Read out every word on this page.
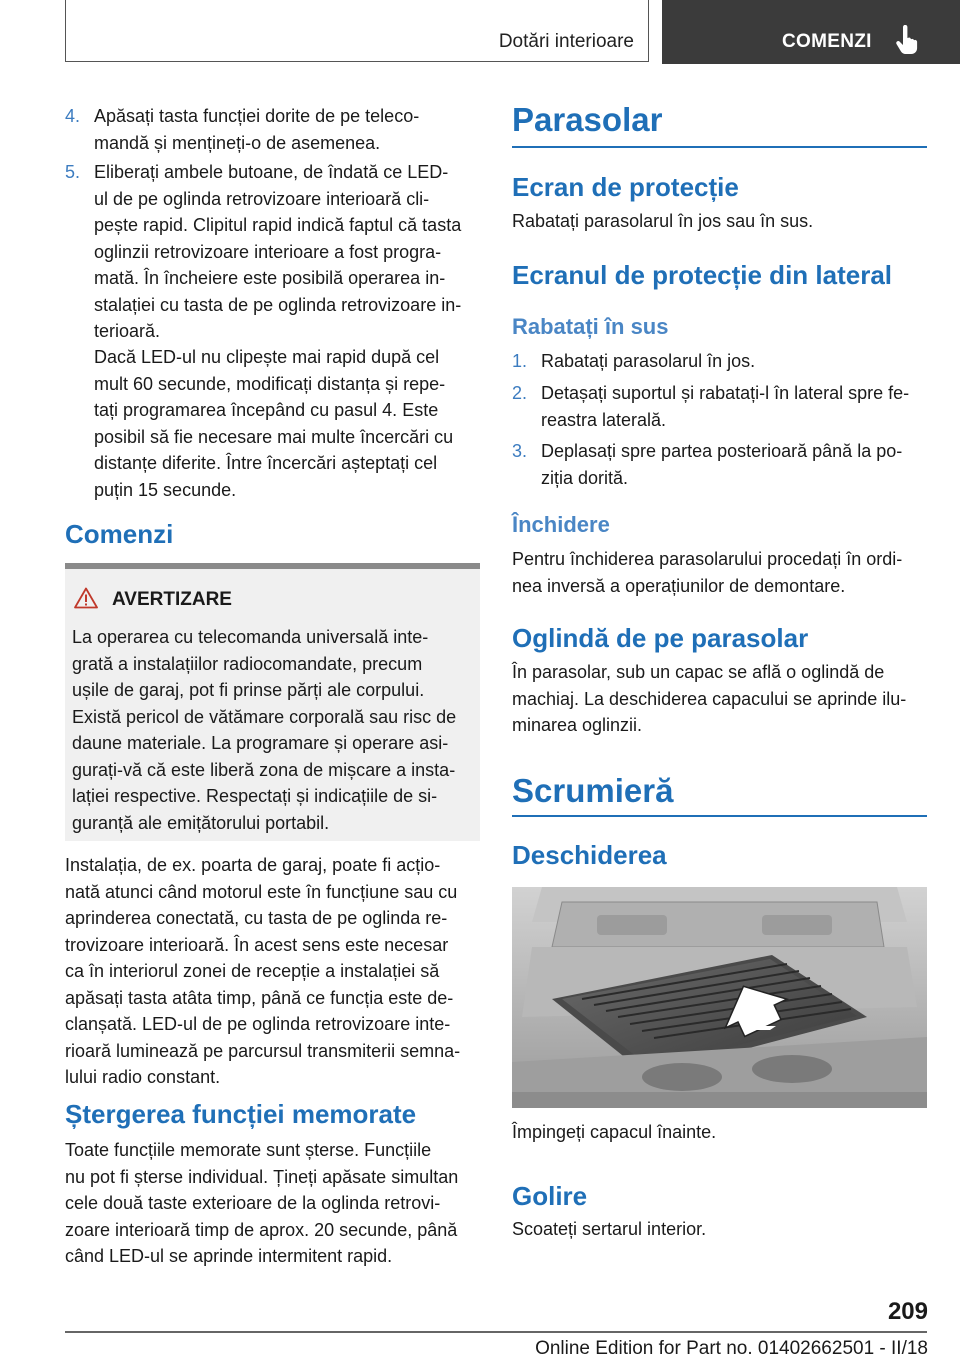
Dotări interioare	COMENZI
4. Apăsați tasta funcției dorite de pe teleco-
mandă și mențineți-o de asemenea.
5. Eliberați ambele butoane, de îndată ce LED-
ul de pe oglinda retrovizoare interioară cli-
pește rapid. Clipitul rapid indică faptul că tasta
oglinzii retrovizoare interioare a fost progra-
mată. În încheiere este posibilă operarea in-
stalației cu tasta de pe oglinda retrovizoare in-
terioară.
Dacă LED-ul nu clipește mai rapid după cel
mult 60 secunde, modificați distanța și repe-
tați programarea începând cu pasul 4. Este
posibil să fie necesare mai multe încercări cu
distanțe diferite. Între încercări așteptați cel
puțin 15 secunde.
Comenzi
AVERTIZARE
La operarea cu telecomanda universală inte-
grată a instalațiilor radiocomandate, precum
ușile de garaj, pot fi prinse părți ale corpului.
Există pericol de vătămare corporală sau risc de
daune materiale. La programare și operare asi-
gurați-vă că este liberă zona de mișcare a insta-
lației respective. Respectați și indicațiile de si-
guranță ale emițătorului portabil.
Instalația, de ex. poarta de garaj, poate fi acțio-
nată atunci când motorul este în funcțiune sau cu
aprinderea conectată, cu tasta de pe oglinda re-
trovizoare interioară. În acest sens este necesar
ca în interiorul zonei de recepție a instalației să
apăsați tasta atâta timp, până ce funcția este de-
clanșată. LED-ul de pe oglinda retrovizoare inte-
rioară luminează pe parcursul transmiterii semna-
lului radio constant.
Ștergerea funcției memorate
Toate funcțiile memorate sunt șterse. Funcțiile
nu pot fi șterse individual. Țineți apăsate simultan
cele două taste exterioare de la oglinda retrovi-
zoare interioară timp de aprox. 20 secunde, până
când LED-ul se aprinde intermitent rapid.
Parasolar
Ecran de protecție
Rabatați parasolarul în jos sau în sus.
Ecranul de protecție din lateral
Rabatați în sus
1. Rabatați parasolarul în jos.
2. Detașați suportul și rabatați-l în lateral spre fe-
reastra laterală.
3. Deplasați spre partea posterioară până la po-
ziția dorită.
Închidere
Pentru închiderea parasolarului procedați în ordi-
nea inversă a operațiunilor de demontare.
Oglindă de pe parasolar
În parasolar, sub un capac se află o oglindă de
machiaj. La deschiderea capacului se aprinde ilu-
minarea oglinzii.
Scrumieră
Deschiderea
Împingeți capacul înainte.
Golire
Scoateți sertarul interior.
209
Online Edition for Part no. 01402662501 - II/18
